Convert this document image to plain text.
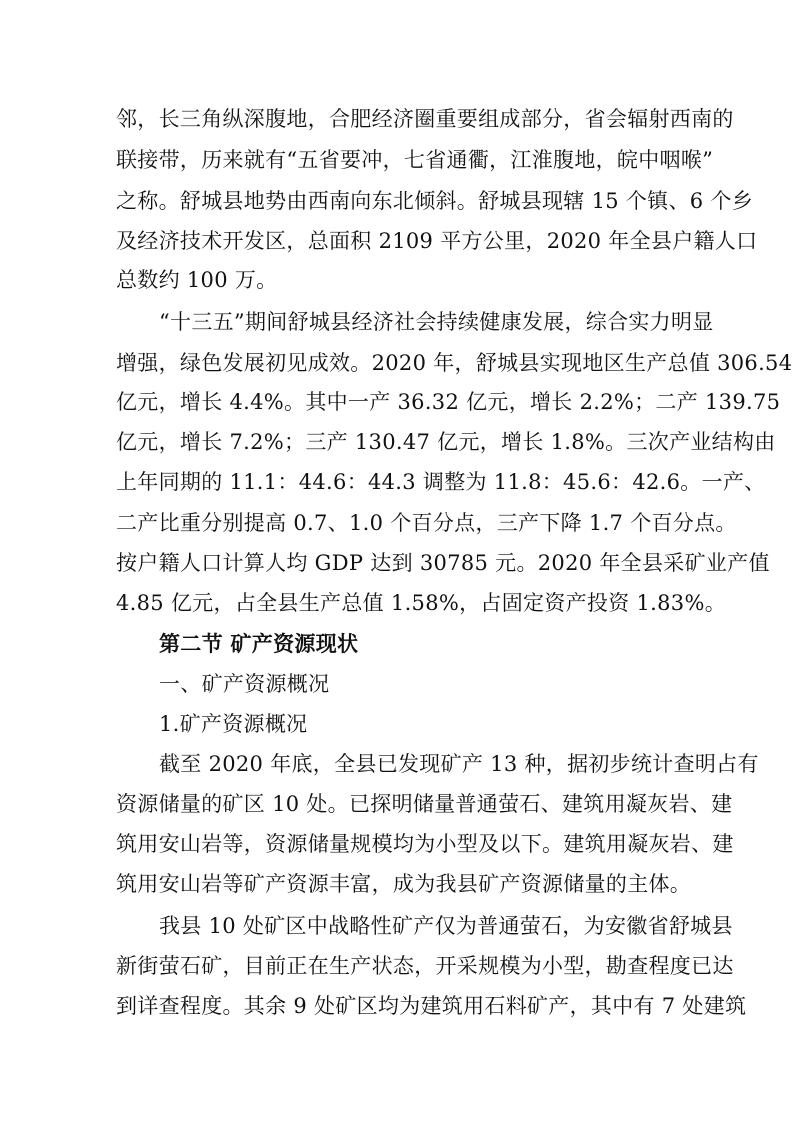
邻，长三角纵深腹地，合肥经济圈重要组成部分，省会辐射西南的
联接带，历来就有“五省要冲，七省通衢，江淮腹地，皖中咽喉”
之称。舒城县地势由西南向东北倾斜。舒城县现辖 15 个镇、6 个乡
及经济技术开发区，总面积 2109 平方公里，2020 年全县户籍人口
总数约 100 万。
“十三五”期间舒城县经济社会持续健康发展，综合实力明显
增强，绿色发展初见成效。2020 年，舒城县实现地区生产总值 306.54
亿元，增长 4.4%。其中一产 36.32 亿元，增长 2.2%；二产 139.75
亿元，增长 7.2%；三产 130.47 亿元，增长 1.8%。三次产业结构由
上年同期的 11.1：44.6：44.3 调整为 11.8：45.6：42.6。一产、
二产比重分别提高 0.7、1.0 个百分点，三产下降 1.7 个百分点。
按户籍人口计算人均 GDP 达到 30785 元。2020 年全县采矿业产值
4.85 亿元，占全县生产总值 1.58%，占固定资产投资 1.83%。
第二节 矿产资源现状
一、矿产资源概况
1.矿产资源概况
截至 2020 年底，全县已发现矿产 13 种，据初步统计查明占有
资源储量的矿区 10 处。已探明储量普通萤石、建筑用凝灰岩、建
筑用安山岩等，资源储量规模均为小型及以下。建筑用凝灰岩、建
筑用安山岩等矿产资源丰富，成为我县矿产资源储量的主体。
我县 10 处矿区中战略性矿产仅为普通萤石，为安徽省舒城县
新街萤石矿，目前正在生产状态，开采规模为小型，勘查程度已达
到详查程度。其余 9 处矿区均为建筑用石料矿产，其中有 7 处建筑
